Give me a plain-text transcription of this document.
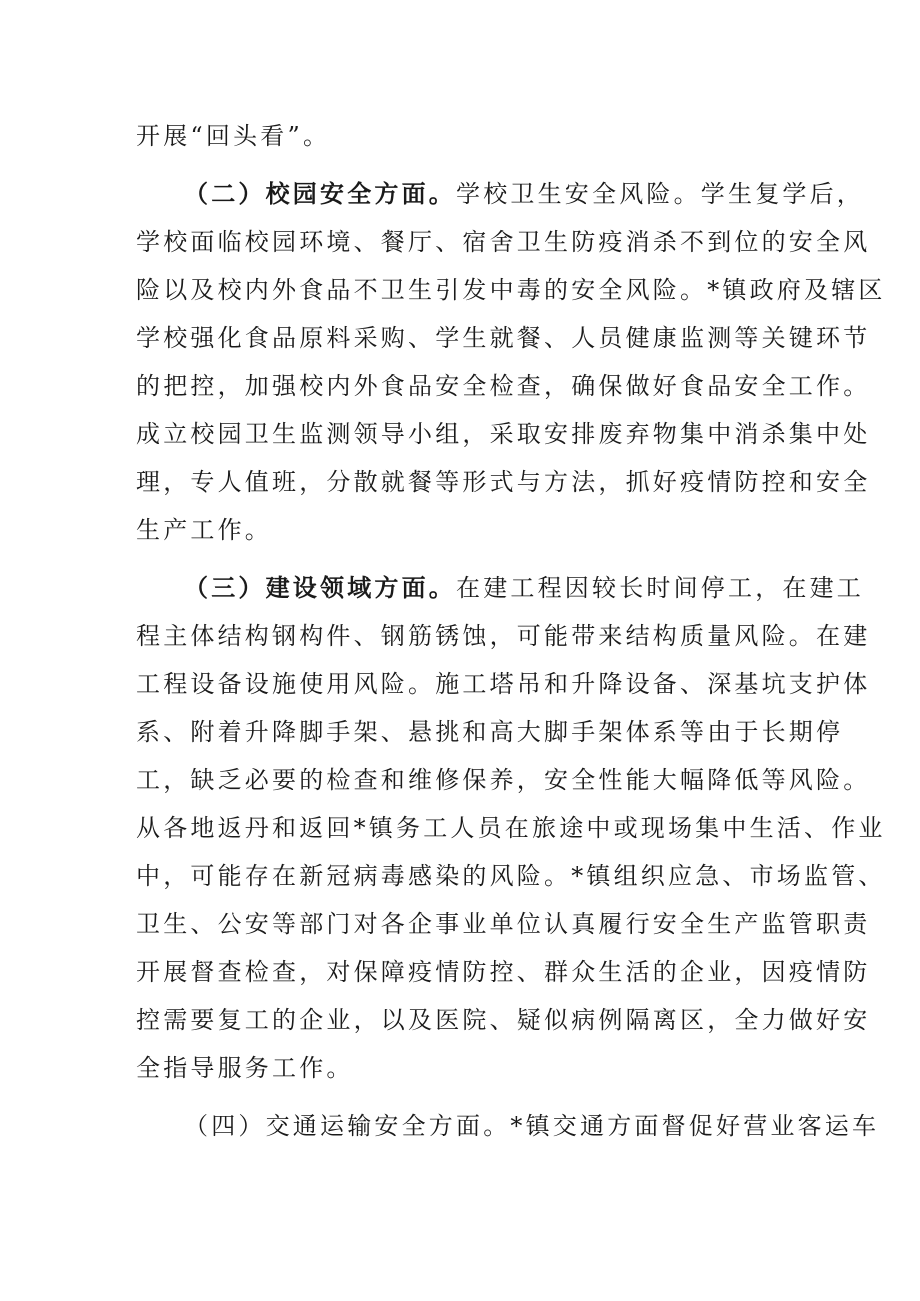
开展“回头看”。
（二）校园安全方面。学校卫生安全风险。学生复学后，
学校面临校园环境、餐厅、宿舍卫生防疫消杀不到位的安全风
险以及校内外食品不卫生引发中毒的安全风险。*镇政府及辖区
学校强化食品原料采购、学生就餐、人员健康监测等关键环节
的把控，加强校内外食品安全检查，确保做好食品安全工作。
成立校园卫生监测领导小组，采取安排废弃物集中消杀集中处
理，专人值班，分散就餐等形式与方法，抓好疫情防控和安全
生产工作。
（三）建设领域方面。在建工程因较长时间停工，在建工
程主体结构钢构件、钢筋锈蚀，可能带来结构质量风险。在建
工程设备设施使用风险。施工塔吊和升降设备、深基坑支护体
系、附着升降脚手架、悬挑和高大脚手架体系等由于长期停
工，缺乏必要的检查和维修保养，安全性能大幅降低等风险。
从各地返丹和返回*镇务工人员在旅途中或现场集中生活、作业
中，可能存在新冠病毒感染的风险。*镇组织应急、市场监管、
卫生、公安等部门对各企事业单位认真履行安全生产监管职责
开展督查检查，对保障疫情防控、群众生活的企业，因疫情防
控需要复工的企业，以及医院、疑似病例隔离区，全力做好安
全指导服务工作。
（四）交通运输安全方面。*镇交通方面督促好营业客运车
